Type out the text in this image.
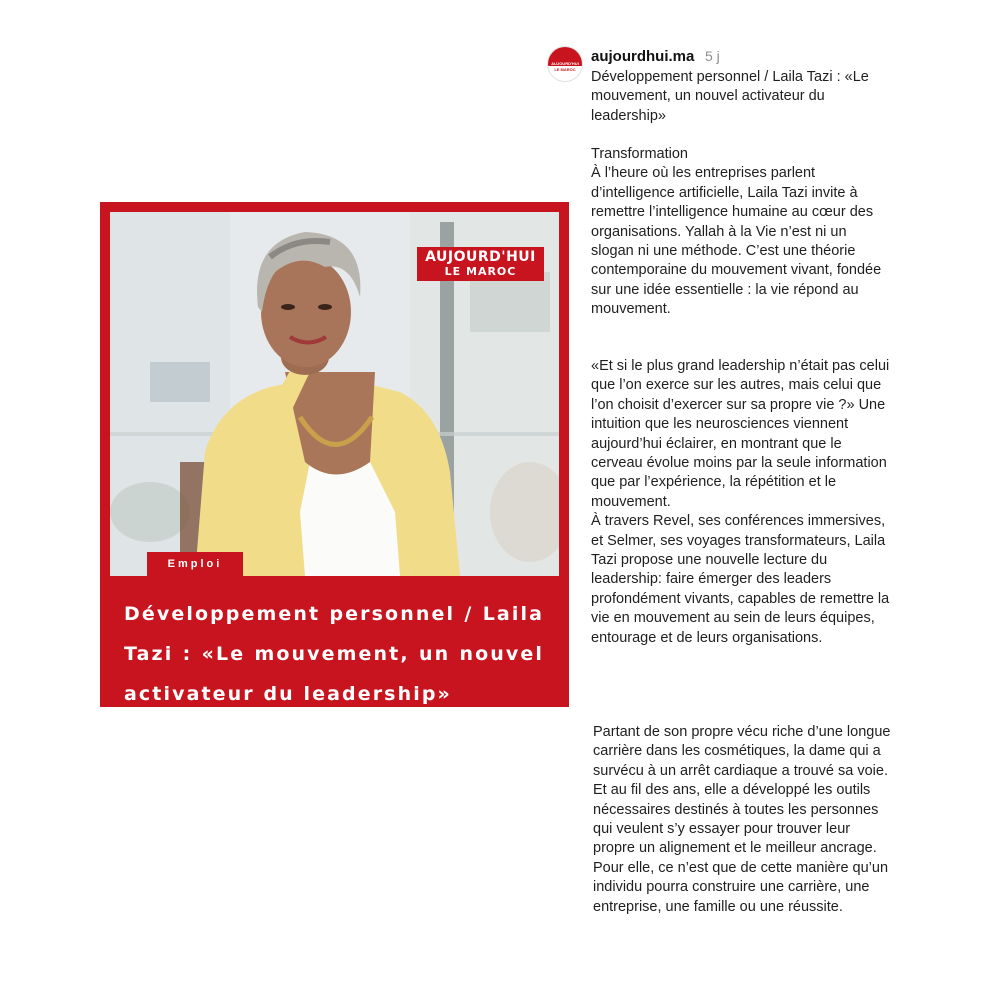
AUJOURD'HUI
LE MAROC
Emploi
Développement personnel / Laila Tazi : «Le mouvement, un nouvel activateur du leadership»
AUJOURD'HUI
LE MAROC
aujourdhui.ma 5 j
Développement personnel / Laila Tazi : «Le mouvement, un nouvel activateur du leadership»

Transformation

À l’heure où les entreprises parlent d’intelligence artificielle, Laila Tazi invite à remettre l’intelligence humaine au cœur des organisations. Yallah à la Vie n’est ni un slogan ni une méthode. C’est une théorie contemporaine du mouvement vivant, fondée sur une idée essentielle : la vie répond au mouvement.

«Et si le plus grand leadership n’était pas celui que l’on exerce sur les autres, mais celui que l’on choisit d’exercer sur sa propre vie ?» Une intuition que les neurosciences viennent aujourd’hui éclairer, en montrant que le cerveau évolue moins par la seule information que par l’expérience, la répétition et le mouvement.

À travers Revel, ses conférences immersives, et Selmer, ses voyages transformateurs, Laila Tazi propose une nouvelle lecture du leadership: faire émerger des leaders profondément vivants, capables de remettre la vie en mouvement au sein de leurs équipes, entourage et de leurs organisations.

Partant de son propre vécu riche d’une longue carrière dans les cosmétiques, la dame qui a survécu à un arrêt cardiaque a trouvé sa voie. Et au fil des ans, elle a développé les outils nécessaires destinés à toutes les personnes qui veulent s’y essayer pour trouver leur propre un alignement et le meilleur ancrage. Pour elle, ce n’est que de cette manière qu’un individu pourra construire une carrière, une entreprise, une famille ou une réussite.
